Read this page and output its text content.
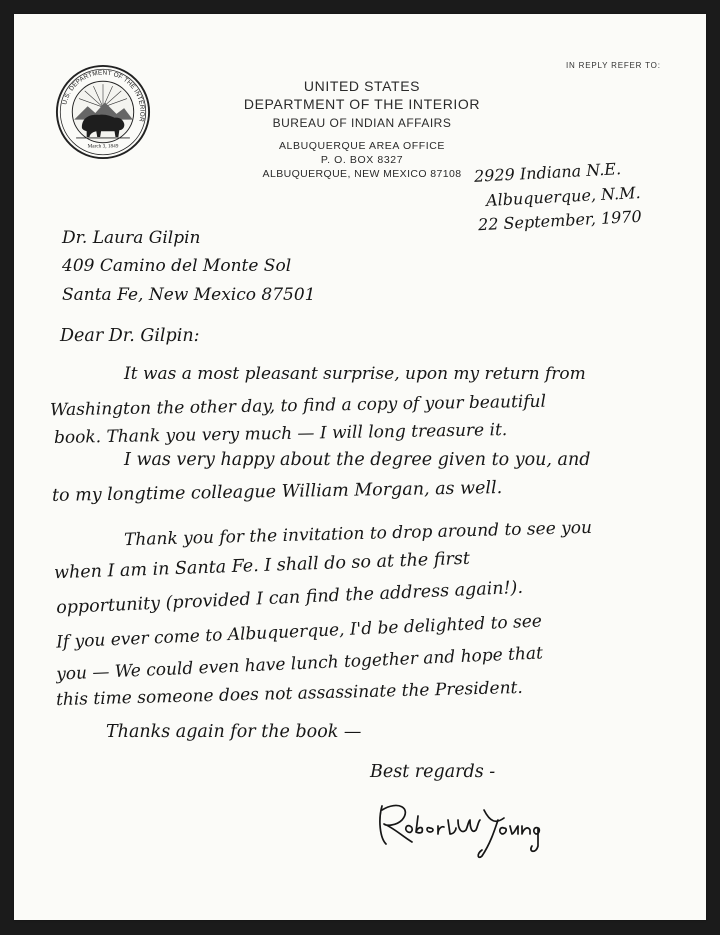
U.S. DEPARTMENT OF THE INTERIOR
March 3, 1849
UNITED STATES
DEPARTMENT OF THE INTERIOR
BUREAU OF INDIAN AFFAIRS
ALBUQUERQUE AREA OFFICE
P. O. BOX 8327
ALBUQUERQUE, NEW MEXICO 87108
IN REPLY REFER TO:
2929 Indiana N.E.
Albuquerque, N.M.
22 September, 1970
Dr. Laura Gilpin
409 Camino del Monte Sol
Santa Fe, New Mexico 87501
Dear Dr. Gilpin:
It was a most pleasant surprise, upon my return from
Washington the other day, to find a copy of your beautiful
book. Thank you very much — I will long treasure it.
I was very happy about the degree given to you, and
to my longtime colleague William Morgan, as well.
Thank you for the invitation to drop around to see you
when I am in Santa Fe. I shall do so at the first
opportunity (provided I can find the address again!).
If you ever come to Albuquerque, I'd be delighted to see
you — We could even have lunch together and hope that
this time someone does not assassinate the President.
Thanks again for the book —
Best regards -
